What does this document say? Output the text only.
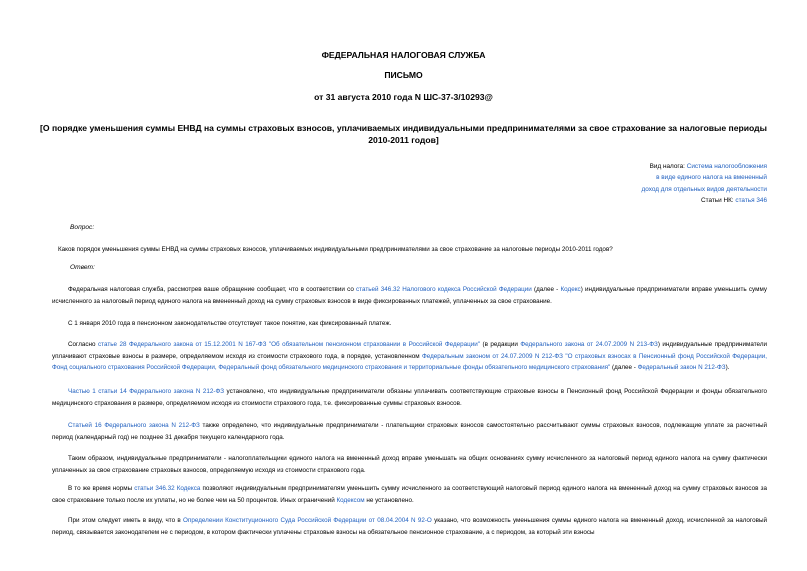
ФЕДЕРАЛЬНАЯ НАЛОГОВАЯ СЛУЖБА
ПИСЬМО
от 31 августа 2010 года N ШС-37-3/10293@
[О порядке уменьшения суммы ЕНВД на суммы страховых взносов, уплачиваемых индивидуальными предпринимателями за свое страхование за налоговые периоды 2010-2011 годов]
Вид налога: Система налогообложения
в виде единого налога на вмененный
доход для отдельных видов деятельности
Статьи НК: статья 346
Вопрос:
Каков порядок уменьшения суммы ЕНВД на суммы страховых взносов, уплачиваемых индивидуальными предпринимателями за свое страхование за налоговые периоды 2010-2011 годов?
Ответ:
Федеральная налоговая служба, рассмотрев ваше обращение сообщает, что в соответствии со статьей 346.32 Налогового кодекса Российской Федерации (далее - Кодекс) индивидуальные предприниматели вправе уменьшить сумму исчисленного за налоговый период единого налога на вмененный доход на сумму страховых взносов в виде фиксированных платежей, уплаченных за свое страхование.
С 1 января 2010 года в пенсионном законодательстве отсутствует такое понятие, как фиксированный платеж.
Согласно статье 28 Федерального закона от 15.12.2001 N 167-ФЗ "Об обязательном пенсионном страховании в Российской Федерации" (в редакции Федерального закона от 24.07.2009 N 213-ФЗ) индивидуальные предприниматели уплачивают страховые взносы в размере, определяемом исходя из стоимости страхового года, в порядке, установленном Федеральным законом от 24.07.2009 N 212-ФЗ "О страховых взносах в Пенсионный фонд Российской Федерации, Фонд социального страхования Российской Федерации, Федеральный фонд обязательного медицинского страхования и территориальные фонды обязательного медицинского страхования" (далее - Федеральный закон N 212-ФЗ).
Частью 1 статьи 14 Федерального закона N 212-ФЗ установлено, что индивидуальные предприниматели обязаны уплачивать соответствующие страховые взносы в Пенсионный фонд Российской Федерации и фонды обязательного медицинского страхования в размере, определяемом исходя из стоимости страхового года, т.е. фиксированные суммы страховых взносов.
Статьей 16 Федерального закона N 212-ФЗ также определено, что индивидуальные предприниматели - плательщики страховых взносов самостоятельно рассчитывают суммы страховых взносов, подлежащие уплате за расчетный период (календарный год) не позднее 31 декабря текущего календарного года.
Таким образом, индивидуальные предприниматели - налогоплательщики единого налога на вмененный доход вправе уменьшать на общих основаниях сумму исчисленного за налоговый период единого налога на сумму фактически уплаченных за свое страхование страховых взносов, определяемую исходя из стоимости страхового года.
В то же время нормы статьи 346.32 Кодекса позволяют индивидуальным предпринимателям уменьшить сумму исчисленного за соответствующий налоговый период единого налога на вмененный доход на сумму страховых взносов за свое страхование только после их уплаты, но не более чем на 50 процентов. Иных ограничений Кодексом не установлено.
При этом следует иметь в виду, что в Определении Конституционного Суда Российской Федерации от 08.04.2004 N 92-О указано, что возможность уменьшения суммы единого налога на вмененный доход, исчисленной за налоговый период, связывается законодателем не с периодом, в котором фактически уплачены страховые взносы на обязательное пенсионное страхование, а с периодом, за который эти взносы
